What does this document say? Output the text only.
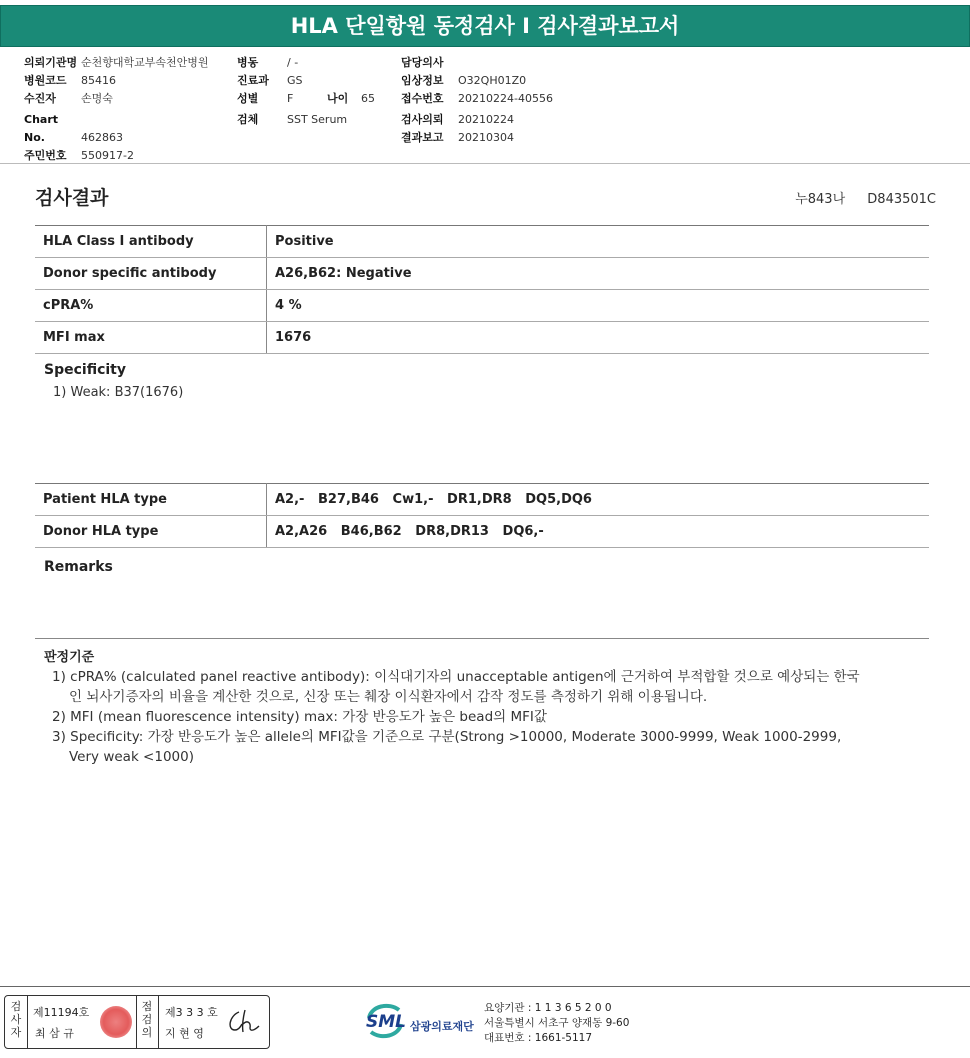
HLA 단일항원 동정검사 I 검사결과보고서
의뢰기관명 순천향대학교부속천안병원
병원코드 85416
수진자 손명숙
Chart No.	462863
주민번호 550917-2
병동	/ -
진료과 GS
성별	F	나이 65
검체	SST Serum
담당의사
임상정보 O32QH01Z0
접수번호 20210224-40556
검사의뢰 20210224
결과보고 20210304
검사결과	누843나 D843501C
HLA Class I antibody	Positive
Donor specific antibody	A26,B62: Negative
cPRA%	4 %
MFI max	1676
Specificity
1) Weak: B37(1676)
Patient HLA type	A2,-   B27,B46   Cw1,-   DR1,DR8   DQ5,DQ6
Donor HLA type	A2,A26   B46,B62   DR8,DR13   DQ6,-
Remarks
판정기준

1) cPRA% (calculated panel reactive antibody): 이식대기자의 unacceptable antigen에 근거하여 부적합할 것으로 예상되는 한국인 뇌사기증자의 비율을 계산한 것으로, 신장 또는 췌장 이식환자에서 감작 정도를 측정하기 위해 이용됩니다.

2) MFI (mean fluorescence intensity) max: 가장 반응도가 높은 bead의 MFI값

3) Specificity: 가장 반응도가 높은 allele의 MFI값을 기준으로 구분(Strong >10000, Moderate 3000-9999, Weak 1000-2999, Very weak <1000)

검
사
자
제11194호
최 삼 규
점
검
의
제3 3 3 호
지 현 영
SML 삼광의료재단
요양기관 : 1 1 3 6 5 2 0 0
서울특별시 서초구 양재동 9-60
대표번호 : 1661-5117
